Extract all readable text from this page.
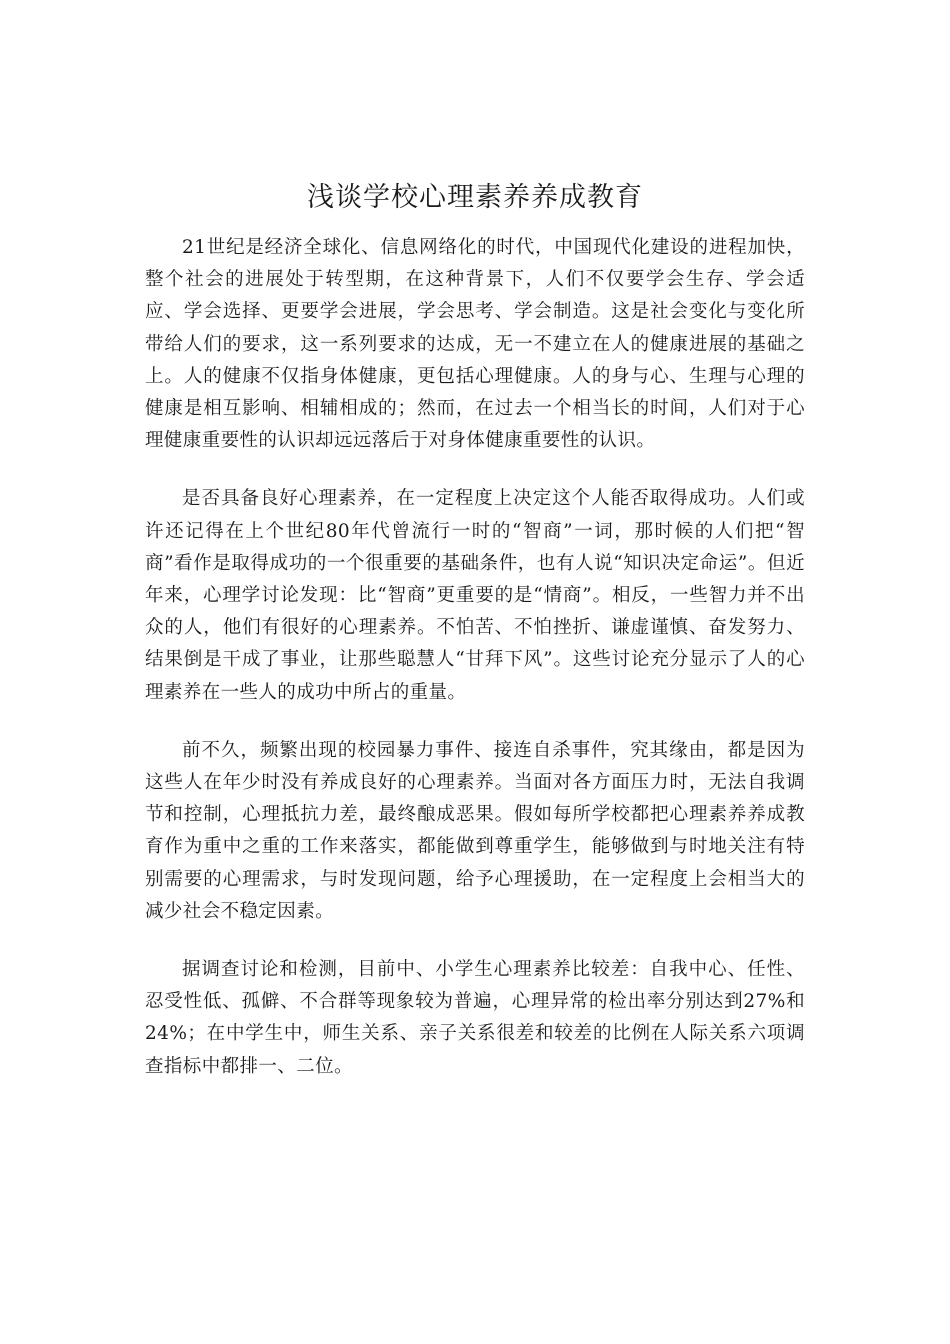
浅谈学校心理素养养成教育

21世纪是经济全球化、信息网络化的时代，中国现代化建设的进程加快，整个社会的进展处于转型期，在这种背景下，人们不仅要学会生存、学会适应、学会选择、更要学会进展，学会思考、学会制造。这是社会变化与变化所带给人们的要求，这一系列要求的达成，无一不建立在人的健康进展的基础之上。人的健康不仅指身体健康，更包括心理健康。人的身与心、生理与心理的健康是相互影响、相辅相成的；然而，在过去一个相当长的时间，人们对于心理健康重要性的认识却远远落后于对身体健康重要性的认识。

是否具备良好心理素养，在一定程度上决定这个人能否取得成功。人们或许还记得在上个世纪80年代曾流行一时的“智商”一词，那时候的人们把“智商”看作是取得成功的一个很重要的基础条件，也有人说“知识决定命运”。但近年来，心理学讨论发现：比“智商”更重要的是“情商”。相反，一些智力并不出众的人，他们有很好的心理素养。不怕苦、不怕挫折、谦虚谨慎、奋发努力、结果倒是干成了事业，让那些聪慧人“甘拜下风”。这些讨论充分显示了人的心理素养在一些人的成功中所占的重量。

前不久，频繁出现的校园暴力事件、接连自杀事件，究其缘由，都是因为这些人在年少时没有养成良好的心理素养。当面对各方面压力时，无法自我调节和控制，心理抵抗力差，最终酿成恶果。假如每所学校都把心理素养养成教育作为重中之重的工作来落实，都能做到尊重学生，能够做到与时地关注有特别需要的心理需求，与时发现问题，给予心理援助，在一定程度上会相当大的减少社会不稳定因素。

据调查讨论和检测，目前中、小学生心理素养比较差：自我中心、任性、忍受性低、孤僻、不合群等现象较为普遍，心理异常的检出率分别达到27%和24%；在中学生中，师生关系、亲子关系很差和较差的比例在人际关系六项调查指标中都排一、二位。
